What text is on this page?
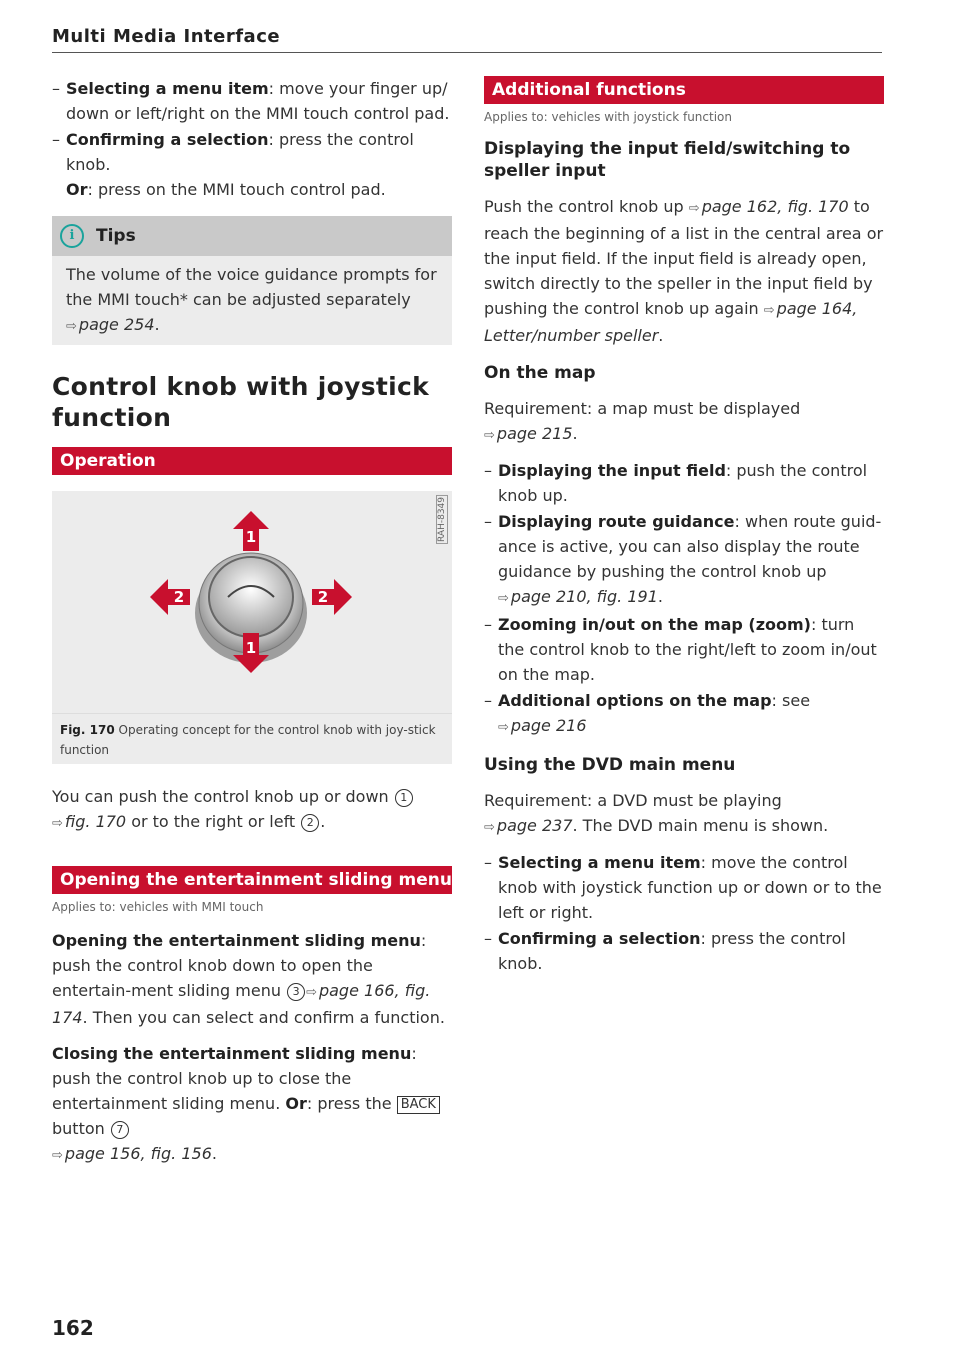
Multi Media Interface

– Selecting a menu item: move your finger up/ down or left/right on the MMI touch control pad.

– Confirming a selection: press the control knob.
Or: press on the MMI touch control pad.

i	Tips
The volume of the voice guidance prompts for the MMI touch* can be adjusted separately
⇨ page 254.
Control knob with joystick function
Operation
RAH-8349
1
1
2	2
Fig. 170 Operating concept for the control knob with joy-stick function

You can push the control knob up or down 1
⇨ fig. 170 or to the right or left 2 .

Opening the entertainment sliding menu
Applies to: vehicles with MMI touch

Opening the entertainment sliding menu: push the control knob down to open the entertain-ment sliding menu 3 ⇨ page 166, fig. 174. Then you can select and confirm a function.

Closing the entertainment sliding menu: push the control knob up to close the entertainment sliding menu. Or: press the BACK button 7
⇨ page 156, fig. 156.

Additional functions
Applies to: vehicles with joystick function
Displaying the input field/switching to speller input

Push the control knob up ⇨ page 162, fig. 170 to reach the beginning of a list in the central area or the input field. If the input field is already open, switch directly to the speller in the input field by pushing the control knob up again ⇨ page 164, Letter/number speller.

On the map

Requirement: a map must be displayed
⇨ page 215.

– Displaying the input field: push the control knob up.

– Displaying route guidance: when route guid-ance is active, you can also display the route guidance by pushing the control knob up ⇨ page 210, fig. 191.

– Zooming in/out on the map (zoom): turn the control knob to the right/left to zoom in/out on the map.

– Additional options on the map: see
⇨ page 216

Using the DVD main menu

Requirement: a DVD must be playing
⇨ page 237. The DVD main menu is shown.

– Selecting a menu item: move the control knob with joystick function up or down or to the left or right.

– Confirming a selection: press the control knob.

162
